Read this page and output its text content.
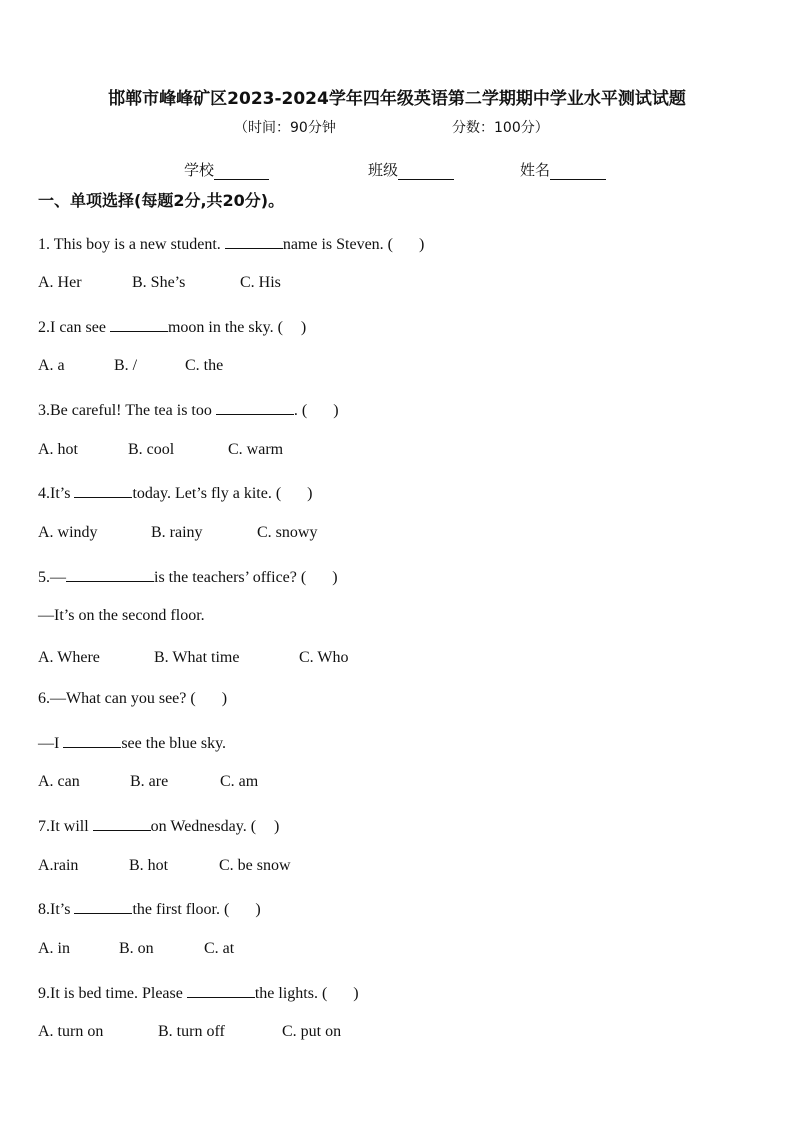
邯郸市峰峰矿区2023-2024学年四年级英语第二学期期中学业水平测试试题
（时间：90分钟	分数：100分）
学校	班级	姓名
一、单项选择(每题2分,共20分)。
1. This boy is a new student.	name is Steven. ( )
A. Her	B. She’s	C. His
2.I can see	moon in the sky. ( )
A. a	B. /	C. the
3.Be careful! The tea is too	. ( )
A. hot	B. cool	C. warm
4.It’s	today. Let’s fly a kite. ( )
A. windy	B. rainy	C. snowy
5.—	is the teachers’ office? ( )
—It’s on the second floor.
A. Where	B. What time	C. Who
6.—What can you see? ( )
—I	see the blue sky.
A. can	B. are	C. am
7.It will	on Wednesday. ( )
A.rain	B. hot	C. be snow
8.It’s	the first floor. ( )
A. in	B. on	C. at
9.It is bed time. Please	the lights. ( )
A. turn on	B. turn off	C. put on
